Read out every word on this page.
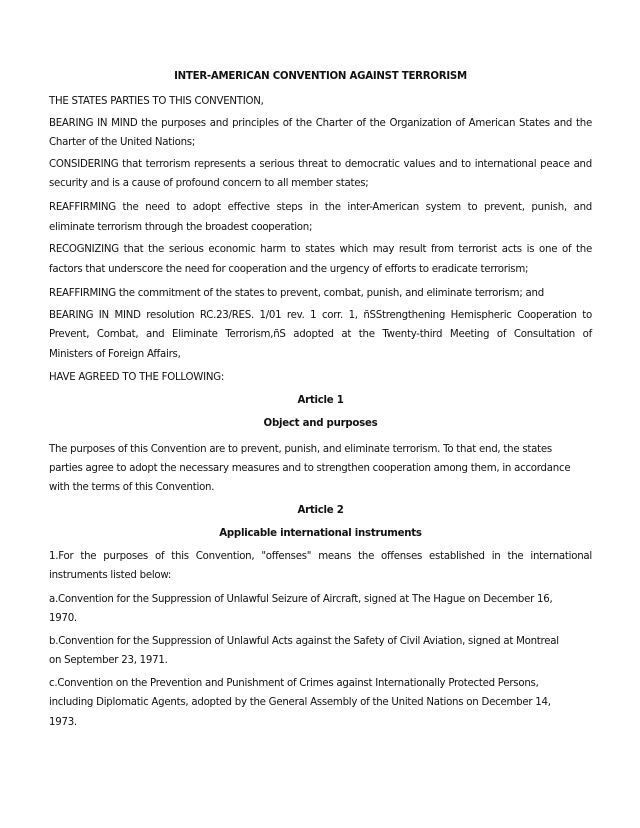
INTER-AMERICAN CONVENTION AGAINST TERRORISM
THE STATES PARTIES TO THIS CONVENTION,
BEARING IN MIND the purposes and principles of the Charter of the Organization of American States and the
Charter of the United Nations;
CONSIDERING that terrorism represents a serious threat to democratic values and to international peace and
security and is a cause of profound concern to all member states;
REAFFIRMING the need to adopt effective steps in the inter-American system to prevent, punish, and
eliminate terrorism through the broadest cooperation;
RECOGNIZING that the serious economic harm to states which may result from terrorist acts is one of the
factors that underscore the need for cooperation and the urgency of efforts to eradicate terrorism;
REAFFIRMING the commitment of the states to prevent, combat, punish, and eliminate terrorism; and
BEARING IN MIND resolution RC.23/RES. 1/01 rev. 1 corr. 1, ñSStrengthening Hemispheric Cooperation to
Prevent, Combat, and Eliminate Terrorism,ñS adopted at the Twenty-third Meeting of Consultation of
Ministers of Foreign Affairs,
HAVE AGREED TO THE FOLLOWING:
Article 1
Object and purposes
The purposes of this Convention are to prevent, punish, and eliminate terrorism. To that end, the states
parties agree to adopt the necessary measures and to strengthen cooperation among them, in accordance
with the terms of this Convention.
Article 2
Applicable international instruments
1.For the purposes of this Convention, "offenses" means the offenses established in the international
instruments listed below:
a.Convention for the Suppression of Unlawful Seizure of Aircraft, signed at The Hague on December 16,
1970.
b.Convention for the Suppression of Unlawful Acts against the Safety of Civil Aviation, signed at Montreal
on September 23, 1971.
c.Convention on the Prevention and Punishment of Crimes against Internationally Protected Persons,
including Diplomatic Agents, adopted by the General Assembly of the United Nations on December 14,
1973.
